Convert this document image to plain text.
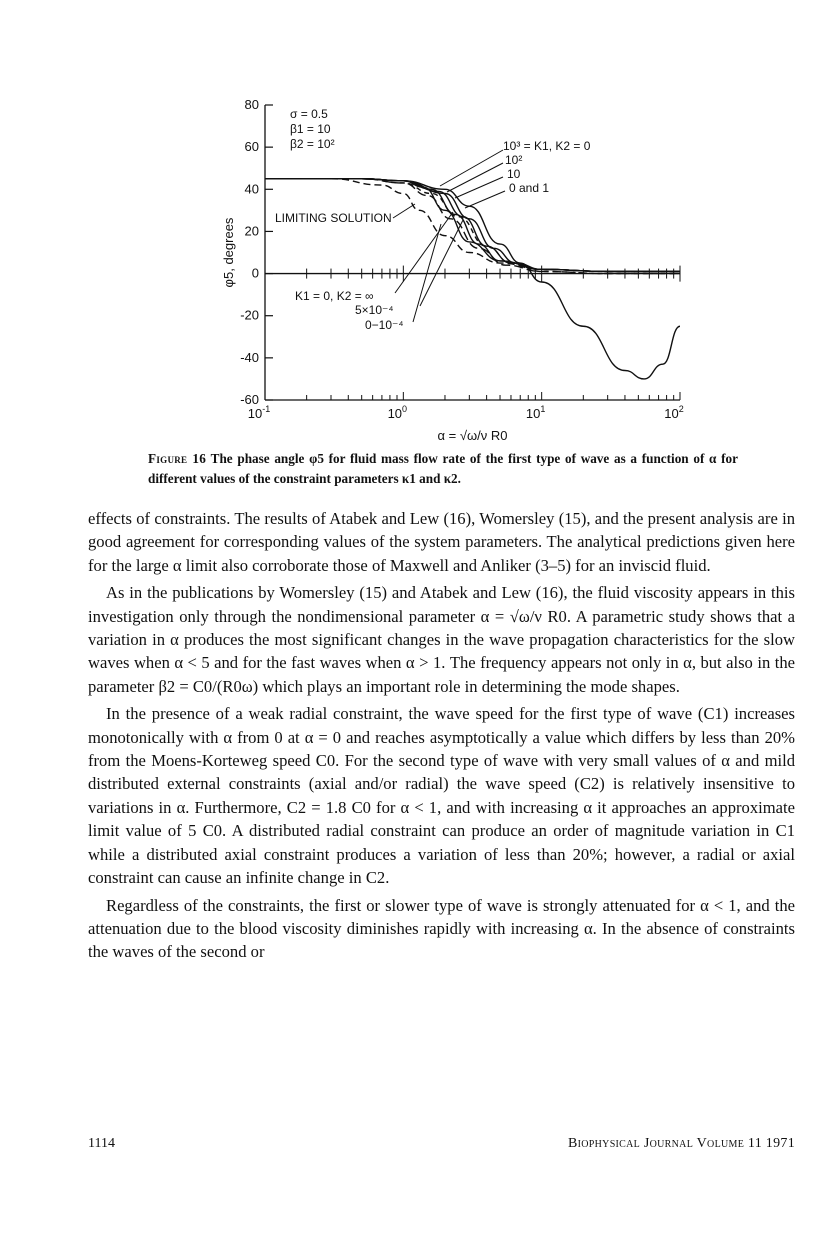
80
60
40
20
0
-20
-40
-60
$10^{-1}$	$10^0$	$10^1$	$10^2$
φ5, degrees
α = √ω/ν R0
σ = 0.5
β1 = 10
β2 = 10²	10³ = K1, K2 = 0
10²
10
0 and 1
LIMITING SOLUTION
K1 = 0, K2 = ∞
5×10⁻⁴
0−10⁻⁴
Figure 16 The phase angle φ5 for fluid mass flow rate of the first type of wave as a function of α for different values of the constraint parameters κ1 and κ2.

effects of constraints. The results of Atabek and Lew (16), Womersley (15), and the present analysis are in good agreement for corresponding values of the system parameters. The analytical predictions given here for the large α limit also corroborate those of Maxwell and Anliker (3–5) for an inviscid fluid.

As in the publications by Womersley (15) and Atabek and Lew (16), the fluid viscosity appears in this investigation only through the nondimensional parameter α = √ω/ν R0. A parametric study shows that a variation in α produces the most significant changes in the wave propagation characteristics for the slow waves when α < 5 and for the fast waves when α > 1. The frequency appears not only in α, but also in the parameter β2 = C0/(R0ω) which plays an important role in determining the mode shapes.

In the presence of a weak radial constraint, the wave speed for the first type of wave (C1) increases monotonically with α from 0 at α = 0 and reaches asymptotically a value which differs by less than 20% from the Moens-Korteweg speed C0. For the second type of wave with very small values of α and mild distributed external constraints (axial and/or radial) the wave speed (C2) is relatively insensitive to variations in α. Furthermore, C2 = 1.8 C0 for α < 1, and with increasing α it approaches an approximate limit value of 5 C0. A distributed radial constraint can produce an order of magnitude variation in C1 while a distributed axial constraint produces a variation of less than 20%; however, a radial or axial constraint can cause an infinite change in C2.

Regardless of the constraints, the first or slower type of wave is strongly attenuated for α < 1, and the attenuation due to the blood viscosity diminishes rapidly with increasing α. In the absence of constraints the waves of the second or

1114	Biophysical Journal Volume 11 1971
